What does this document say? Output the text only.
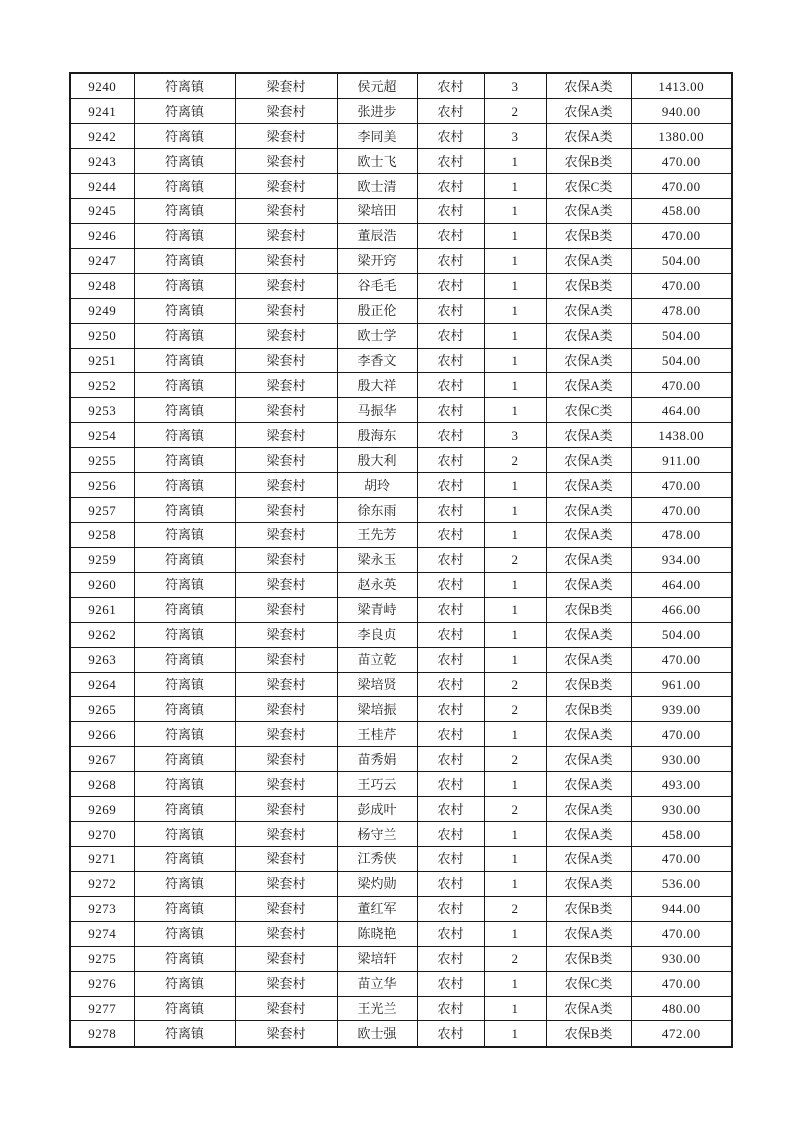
9240	符离镇	梁套村	侯元超	农村	3	农保A类	1413.00
9241	符离镇	梁套村	张进步	农村	2	农保A类	940.00
9242	符离镇	梁套村	李同美	农村	3	农保A类	1380.00
9243	符离镇	梁套村	欧士飞	农村	1	农保B类	470.00
9244	符离镇	梁套村	欧士清	农村	1	农保C类	470.00
9245	符离镇	梁套村	梁培田	农村	1	农保A类	458.00
9246	符离镇	梁套村	董辰浩	农村	1	农保B类	470.00
9247	符离镇	梁套村	梁开窍	农村	1	农保A类	504.00
9248	符离镇	梁套村	谷毛毛	农村	1	农保B类	470.00
9249	符离镇	梁套村	殷正伦	农村	1	农保A类	478.00
9250	符离镇	梁套村	欧士学	农村	1	农保A类	504.00
9251	符离镇	梁套村	李香文	农村	1	农保A类	504.00
9252	符离镇	梁套村	殷大祥	农村	1	农保A类	470.00
9253	符离镇	梁套村	马振华	农村	1	农保C类	464.00
9254	符离镇	梁套村	殷海东	农村	3	农保A类	1438.00
9255	符离镇	梁套村	殷大利	农村	2	农保A类	911.00
9256	符离镇	梁套村	胡玲	农村	1	农保A类	470.00
9257	符离镇	梁套村	徐东雨	农村	1	农保A类	470.00
9258	符离镇	梁套村	王先芳	农村	1	农保A类	478.00
9259	符离镇	梁套村	梁永玉	农村	2	农保A类	934.00
9260	符离镇	梁套村	赵永英	农村	1	农保A类	464.00
9261	符离镇	梁套村	梁青峙	农村	1	农保B类	466.00
9262	符离镇	梁套村	李良贞	农村	1	农保A类	504.00
9263	符离镇	梁套村	苗立乾	农村	1	农保A类	470.00
9264	符离镇	梁套村	梁培贤	农村	2	农保B类	961.00
9265	符离镇	梁套村	梁培振	农村	2	农保B类	939.00
9266	符离镇	梁套村	王桂芹	农村	1	农保A类	470.00
9267	符离镇	梁套村	苗秀娟	农村	2	农保A类	930.00
9268	符离镇	梁套村	王巧云	农村	1	农保A类	493.00
9269	符离镇	梁套村	彭成叶	农村	2	农保A类	930.00
9270	符离镇	梁套村	杨守兰	农村	1	农保A类	458.00
9271	符离镇	梁套村	江秀侠	农村	1	农保A类	470.00
9272	符离镇	梁套村	梁灼勋	农村	1	农保A类	536.00
9273	符离镇	梁套村	董红军	农村	2	农保B类	944.00
9274	符离镇	梁套村	陈晓艳	农村	1	农保A类	470.00
9275	符离镇	梁套村	梁培轩	农村	2	农保B类	930.00
9276	符离镇	梁套村	苗立华	农村	1	农保C类	470.00
9277	符离镇	梁套村	王光兰	农村	1	农保A类	480.00
9278	符离镇	梁套村	欧士强	农村	1	农保B类	472.00
